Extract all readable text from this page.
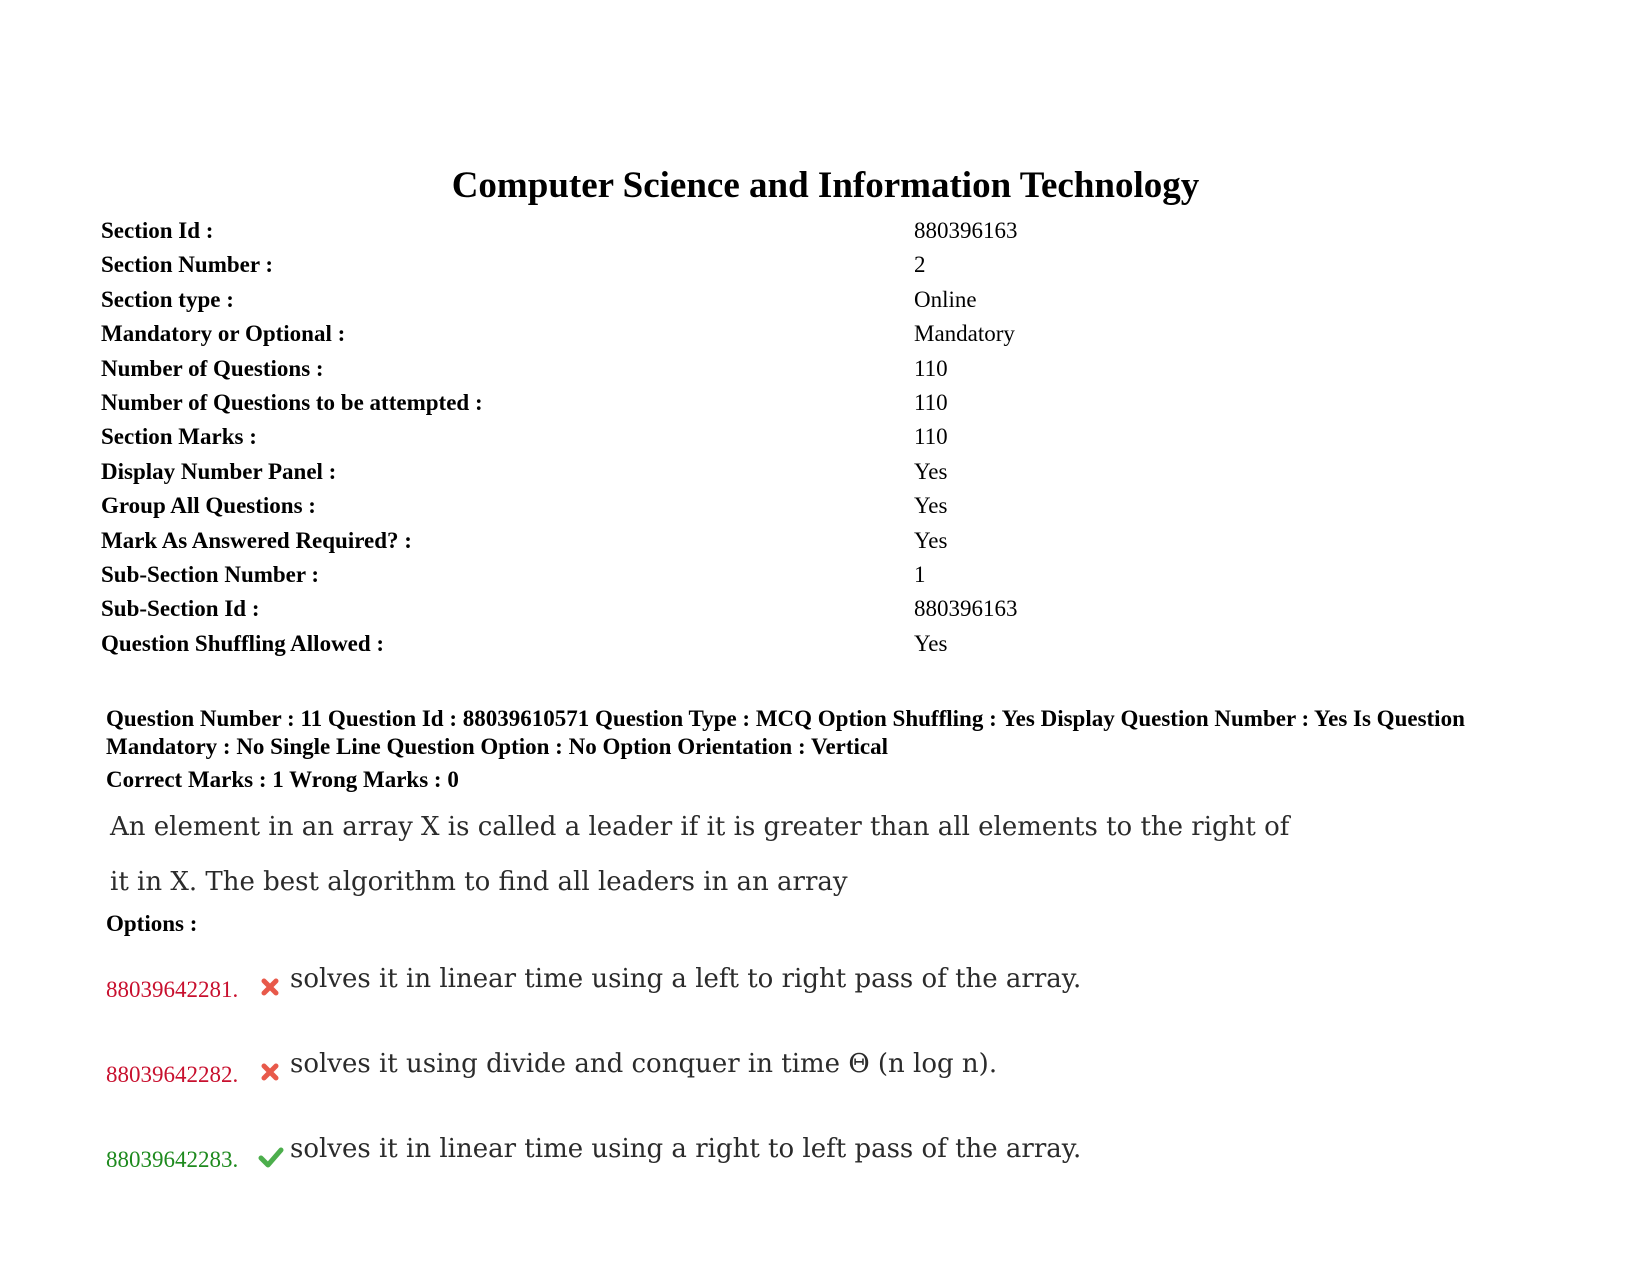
Computer Science and Information Technology
Section Id :	880396163
Section Number :	2
Section type :	Online
Mandatory or Optional :	Mandatory
Number of Questions :	110
Number of Questions to be attempted :	110
Section Marks :	110
Display Number Panel :	Yes
Group All Questions :	Yes
Mark As Answered Required? :	Yes
Sub-Section Number :	1
Sub-Section Id :	880396163
Question Shuffling Allowed :	Yes
Question Number : 11 Question Id : 88039610571 Question Type : MCQ Option Shuffling : Yes Display Question Number : Yes Is Question Mandatory : No Single Line Question Option : No Option Orientation : Vertical
Correct Marks : 1 Wrong Marks : 0
An element in an array X is called a leader if it is greater than all elements to the right of
it in X. The best algorithm to find all leaders in an array
Options :
88039642281. solves it in linear time using a left to right pass of the array.
88039642282. solves it using divide and conquer in time Θ (n log n).
88039642283. solves it in linear time using a right to left pass of the array.
